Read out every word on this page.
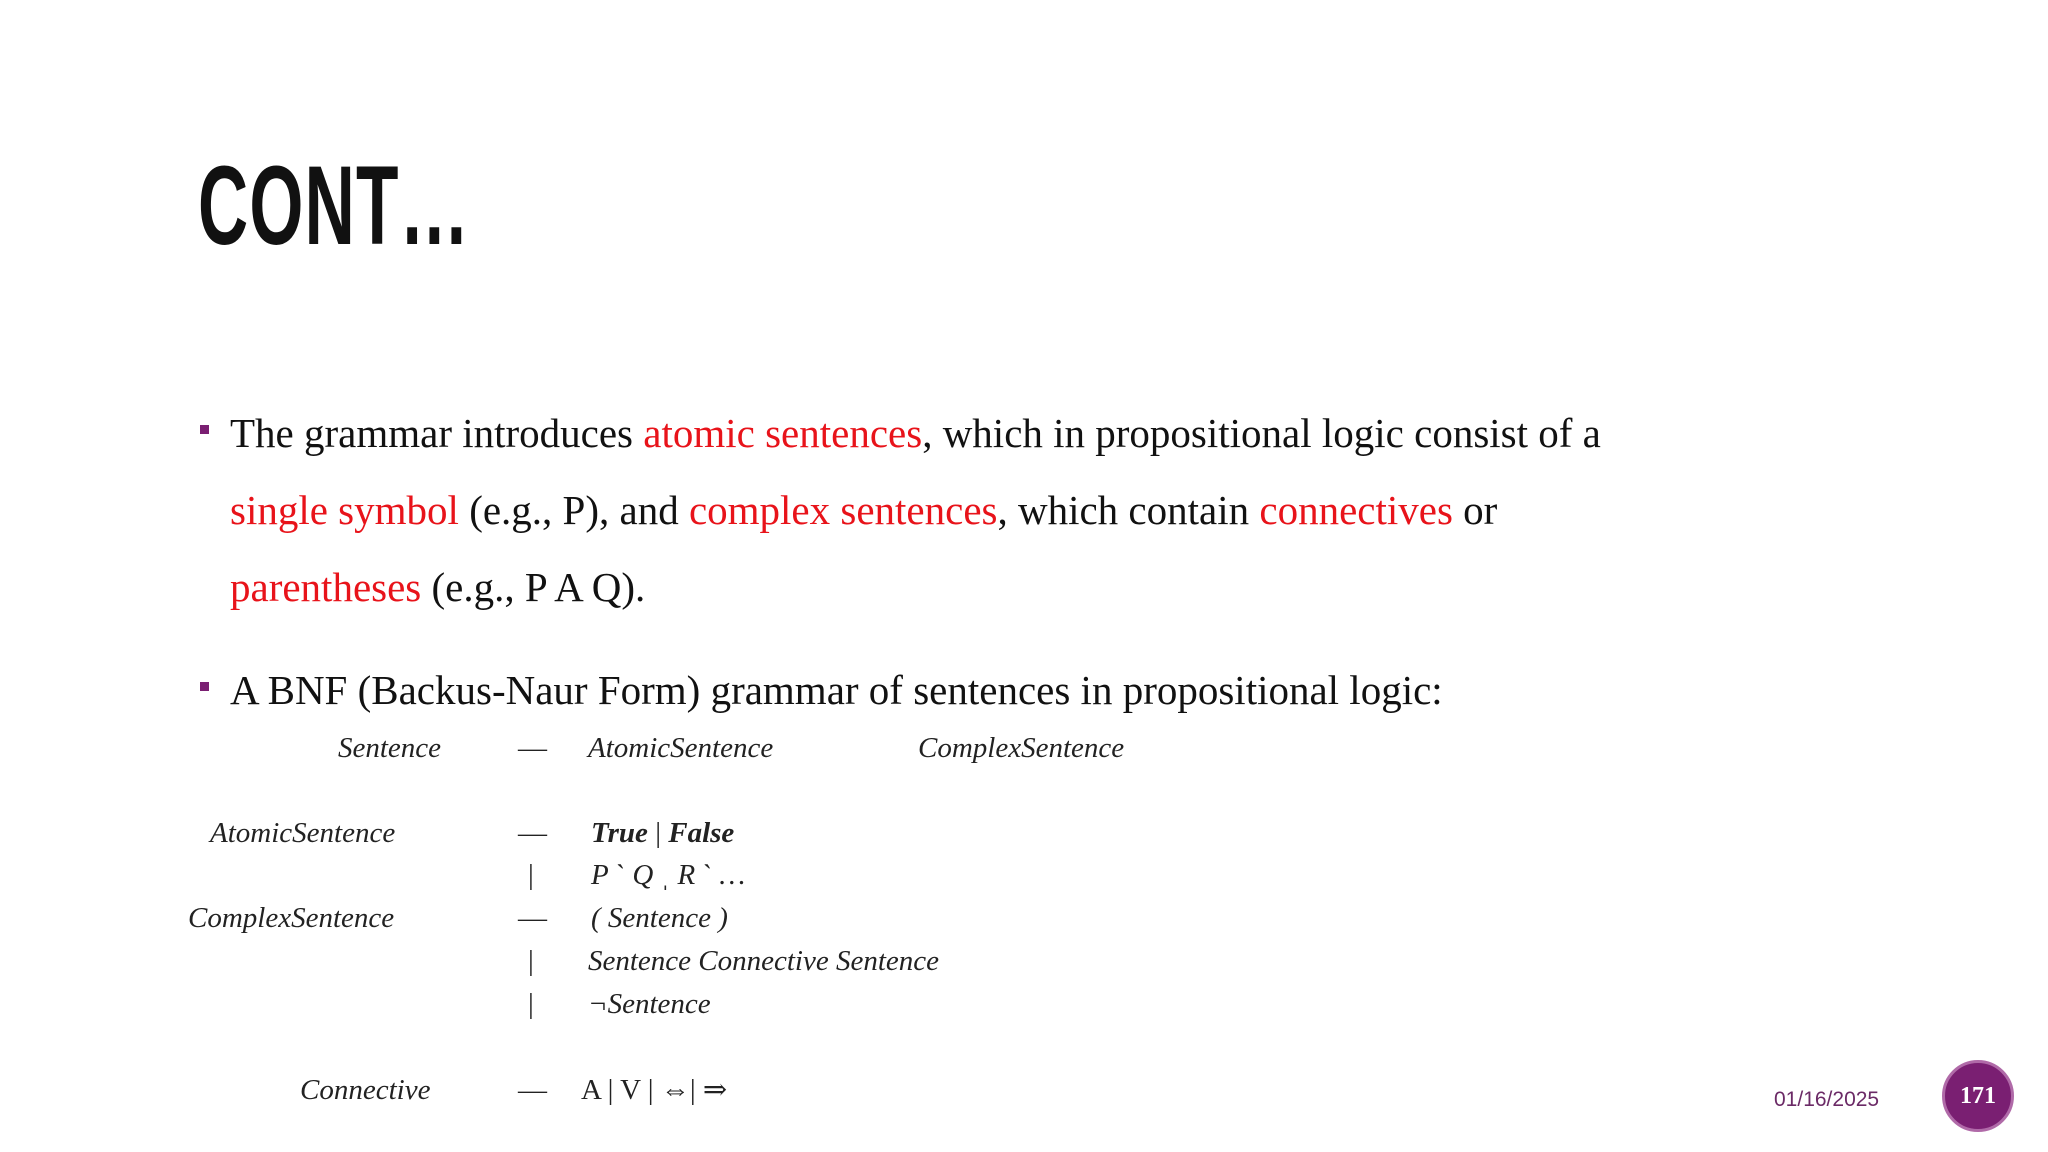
CONT…
The grammar introduces atomic sentences, which in propositional logic consist of a
single symbol (e.g., P), and complex sentences, which contain connectives or
parentheses (e.g., P A Q).
A BNF (Backus-Naur Form) grammar of sentences in propositional logic:
Sentence	— AtomicSentence	ComplexSentence
AtomicSentence	— True | False
| P ˋ Q ˌ R ˋ …
ComplexSentence	— ( Sentence )
| Sentence Connective Sentence
| ¬Sentence
Connective	— A | V | ⇔| ⇒	01/16/2025	171
